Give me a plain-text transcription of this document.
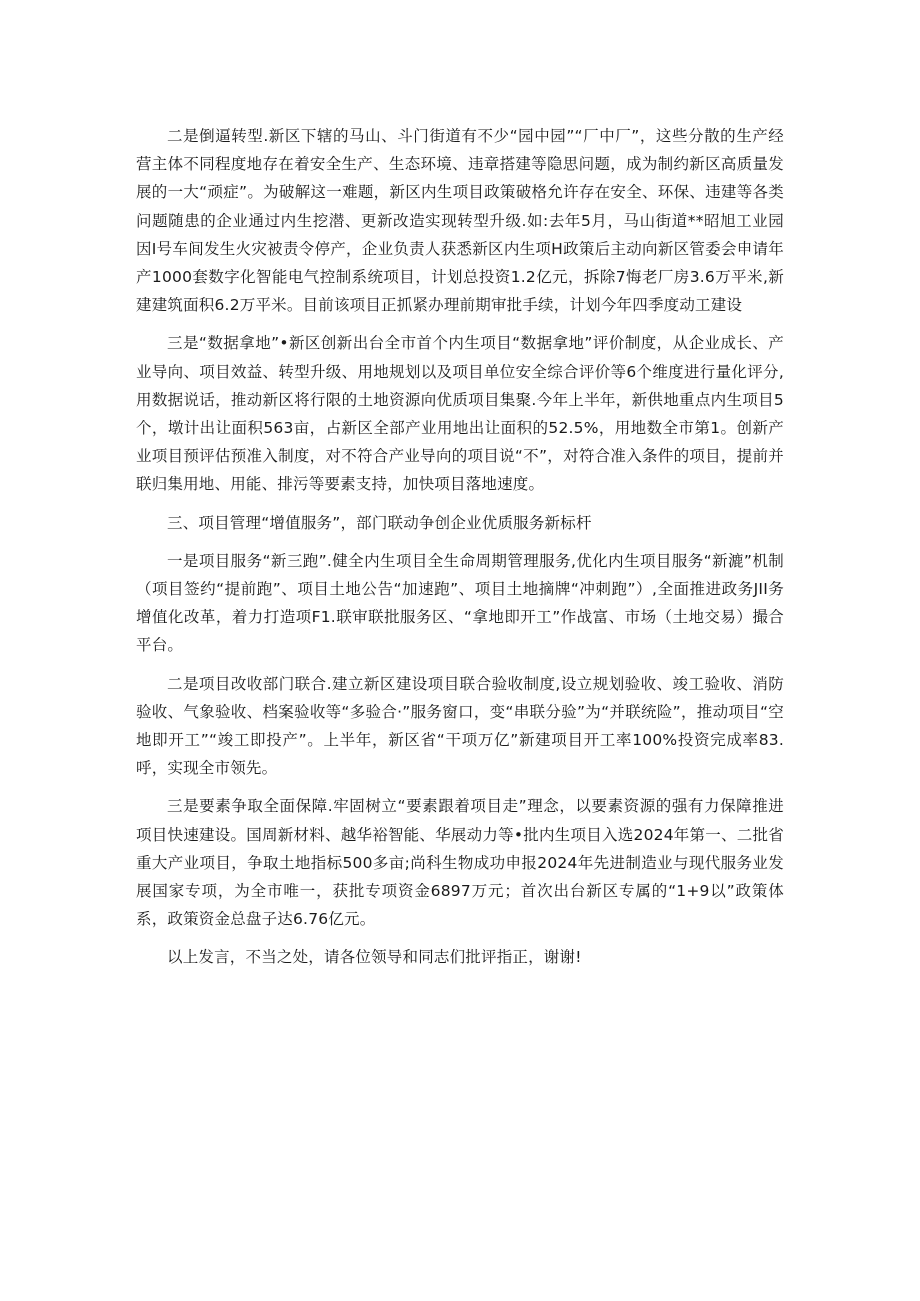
二是倒逼转型.新区下辖的马山、斗门街道有不少“园中园”“厂中厂”，这些分散的生产经营主体不同程度地存在着安全生产、生态环境、违章搭建等隐思问题，成为制约新区高质量发展的一大“顽症”。为破解这一难题，新区内生项目政策破格允许存在安全、环保、违建等各类问题随患的企业通过内生挖潜、更新改造实现转型升级.如:去年5月，马山街道**昭旭工业园因I号车间发生火灾被责令停产，企业负责人获悉新区内生项H政策后主动向新区管委会申请年产1000套数字化智能电气控制系统项目，计划总投资1.2亿元，拆除7悔老厂房3.6万平米,新建建筑面积6.2万平米。目前该项目正抓紧办理前期审批手续，计划今年四季度动工建设

三是“数据拿地”•新区创新出台全市首个内生项目“数据拿地”评价制度，从企业成长、产业导向、项目效益、转型升级、用地规划以及项目单位安全综合评价等6个维度进行量化评分,用数据说话，推动新区将行限的土地资源向优质项目集聚.今年上半年，新供地重点内生项目5个，墩计出让面积563亩，占新区全部产业用地出让面积的52.5%，用地数全市第1。创新产业项目预评估预准入制度，对不符合产业导向的项目说“不”，对符合准入条件的项目，提前并联归集用地、用能、排污等要素支持，加快项目落地速度。

三、项目管理“增值服务”，部门联动争创企业优质服务新标杆

一是项目服务“新三跑”.健全内生项目全生命周期管理服务,优化内生项目服务“新漉”机制（项目签约“提前跑”、项目土地公告“加速跑”、项目土地摘牌“冲刺跑”）,全面推进政务JII务增值化改革，着力打造项F1.联审联批服务区、“拿地即开工”作战富、市场（土地交易）撮合平台。

二是项目改收部门联合.建立新区建设项目联合验收制度,设立规划验收、竣工验收、消防验收、气象验收、档案验收等“多验合·”服务窗口，变“串联分验”为“并联统险”，推动项目“空地即开工”“竣工即投产”。上半年，新区省“干项万亿”新建项目开工率100%投资完成率83.呼，实现全市领先。

三是要素争取全面保障.牢固树立“要素跟着项目走”理念，以要素资源的强有力保障推进项目快速建设。国周新材料、越华裕智能、华展动力等•批内生项目入选2024年第一、二批省重大产业项目，争取土地指标500多亩;尚科生物成功申报2024年先进制造业与现代服务业发展国家专项，为全市唯一，获批专项资金6897万元；首次出台新区专属的“1+9以”政策体系，政策资金总盘子达6.76亿元。

以上发言，不当之处，请各位领导和同志们批评指正，谢谢!
